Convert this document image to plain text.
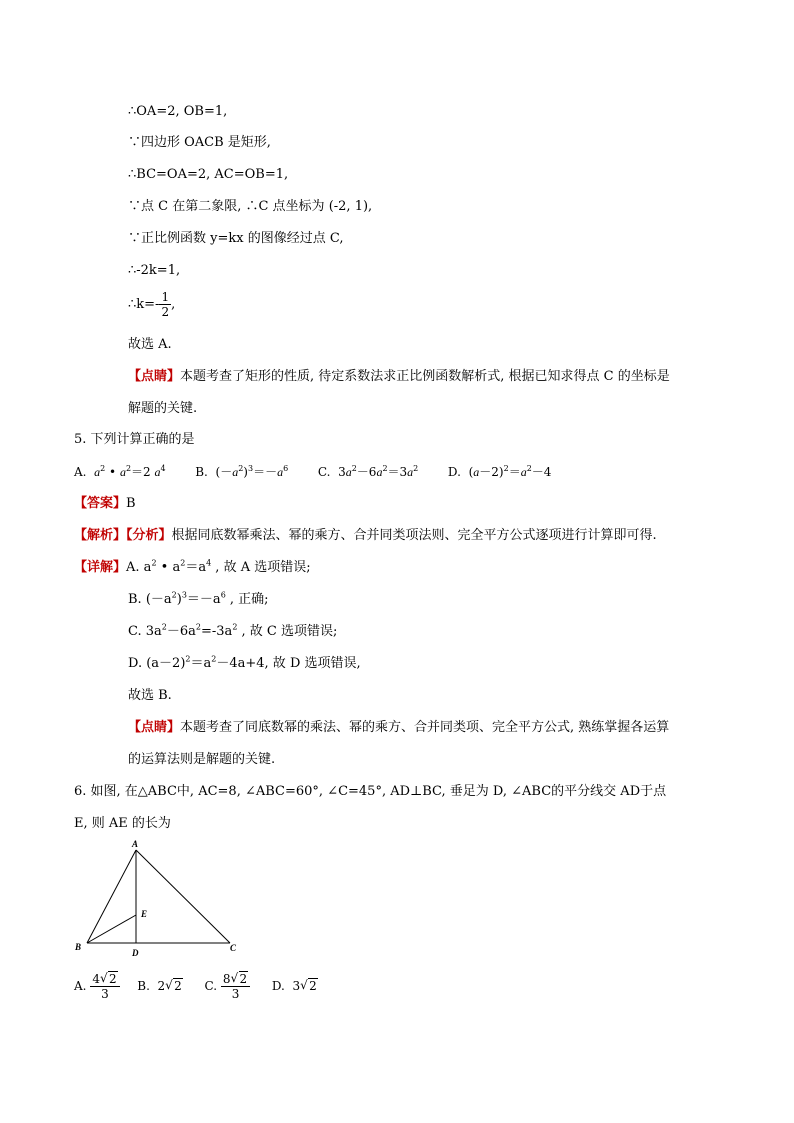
∴OA=2, OB=1,
∵四边形 OACB 是矩形,
∴BC=OA=2, AC=OB=1,
∵点 C 在第二象限, ∴C 点坐标为 (-2, 1),
∵正比例函数 y=kx 的图像经过点 C,
∴-2k=1,
∴k=- $\frac{1}{2}$ ,
故选 A.
【点睛】本题考查了矩形的性质, 待定系数法求正比例函数解析式, 根据已知求得点 C 的坐标是
解题的关键.
5. 下列计算正确的是
A. $a^2$ • $a^2=2$ $a^4$ B. $(-a^2)^3=-a^6$ C. $3a^2-6a^2=3a^2$ D. $(a-2)^2=a^2-4$
【答案】B
【解析】【分析】根据同底数幂乘法、幂的乘方、合并同类项法则、完全平方公式逐项进行计算即可得.
【详解】A. $a^2$ • $a^2=a^4$ , 故 A 选项错误;
B. $(-a^2)^3=-a^6$ , 正确;
C. $3a^2-6a^2=-3a^2$ , 故 C 选项错误;
D. $(a-2)^2=a^2-4a+4$, 故 D 选项错误,
故选 B.
【点睛】本题考查了同底数幂的乘法、幂的乘方、合并同类项、完全平方公式, 熟练掌握各运算
的运算法则是解题的关键.
6. 如图, 在△ABC中, AC=8, ∠ABC=60°, ∠C=45°, AD⊥BC, 垂足为 D, ∠ABC的平分线交 AD于点
E, 则 AE 的长为
A
B	C
D
E
A. $\frac{4 √ 2}{3} B$. 2 √ 2 C. $\frac{8 √ 2}{3} D$. 3 √ 2
